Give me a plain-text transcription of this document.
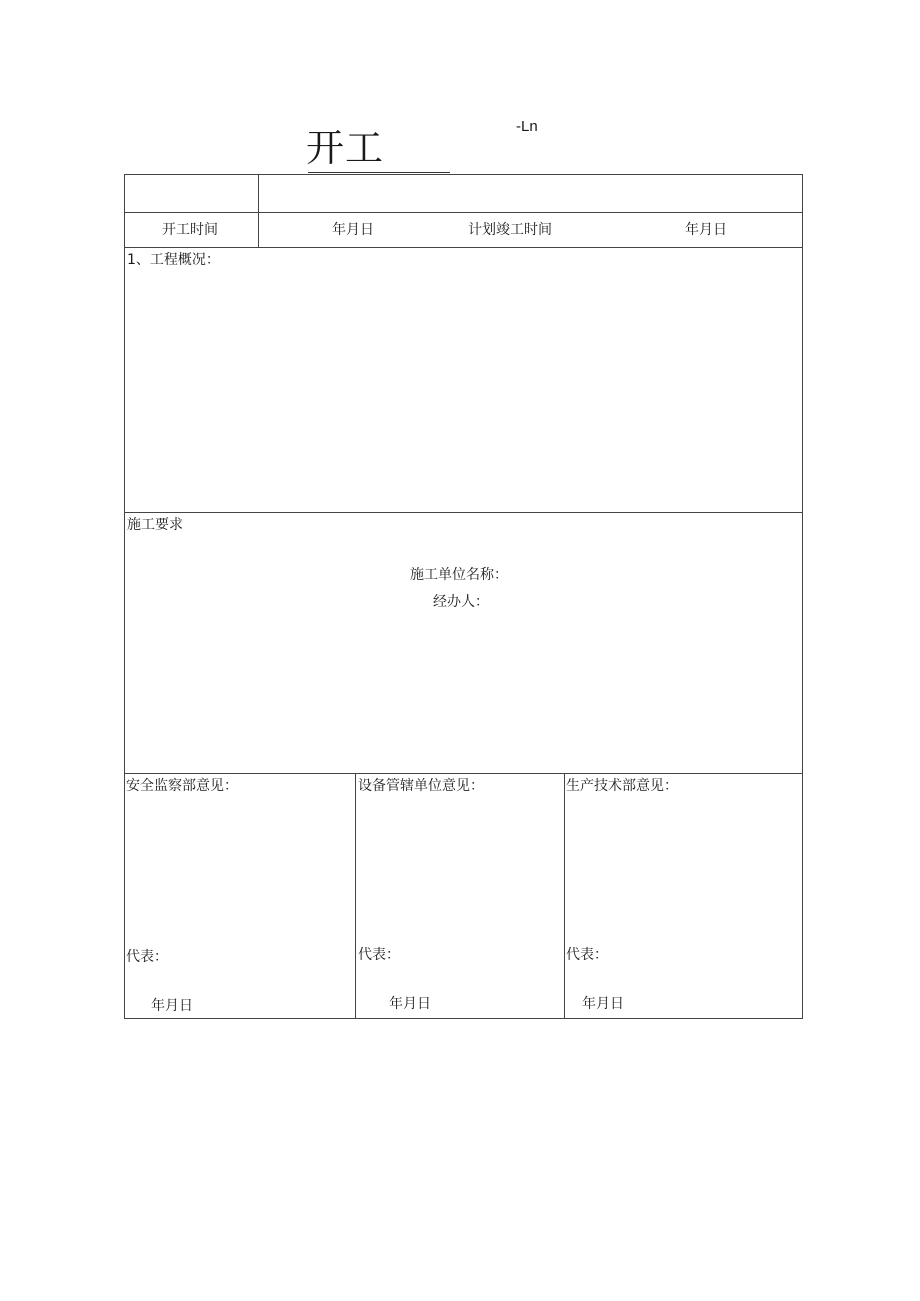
开工	-Ln
开工时间	年月日	计划竣工时间	年月日
1、工程概况：
施工要求
施工单位名称：
经办人：
安全监察部意见：
代表：
年月日
设备管辖单位意见：
代表：
年月日
生产技术部意见：
代表：
年月日
